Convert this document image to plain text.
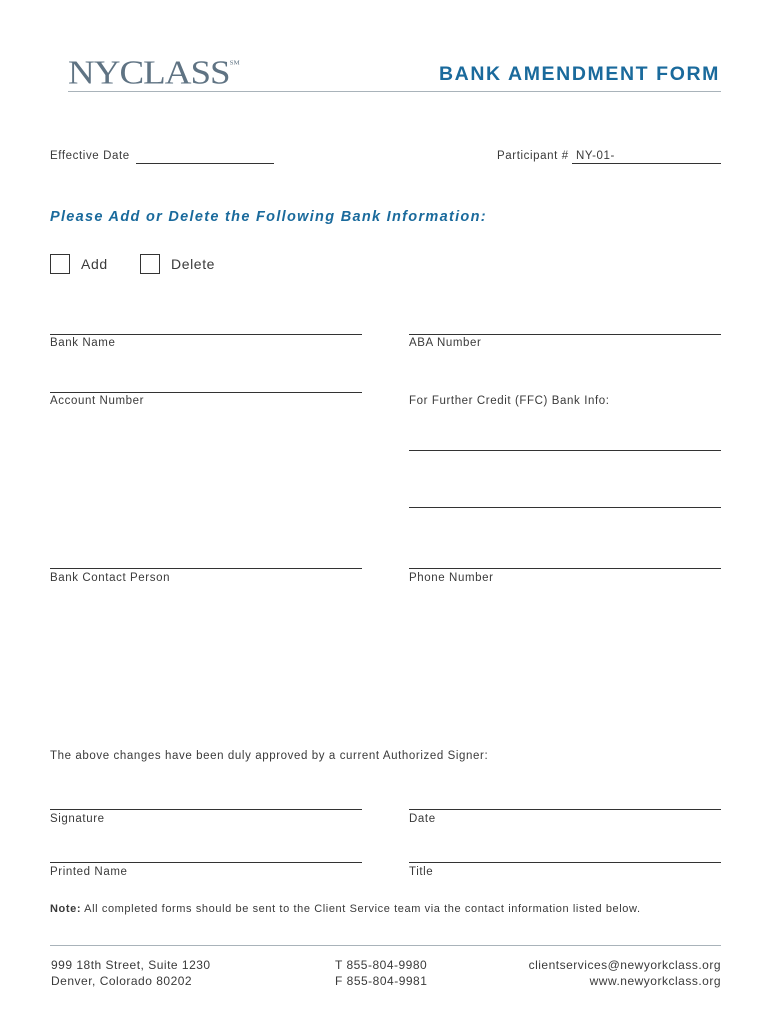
NYCLASS℠
BANK AMENDMENT FORM
Effective Date	Participant # NY-01-
Please Add or Delete the Following Bank Information:
Add	Delete
Bank Name	ABA Number
Account Number	For Further Credit (FFC) Bank Info:
Bank Contact Person	Phone Number
The above changes have been duly approved by a current Authorized Signer:
Signature	Date
Printed Name	Title
Note: All completed forms should be sent to the Client Service team via the contact information listed below.
999 18th Street, Suite 1230
Denver, Colorado 80202
T 855-804-9980
F 855-804-9981
clientservices@newyorkclass.org
www.newyorkclass.org
